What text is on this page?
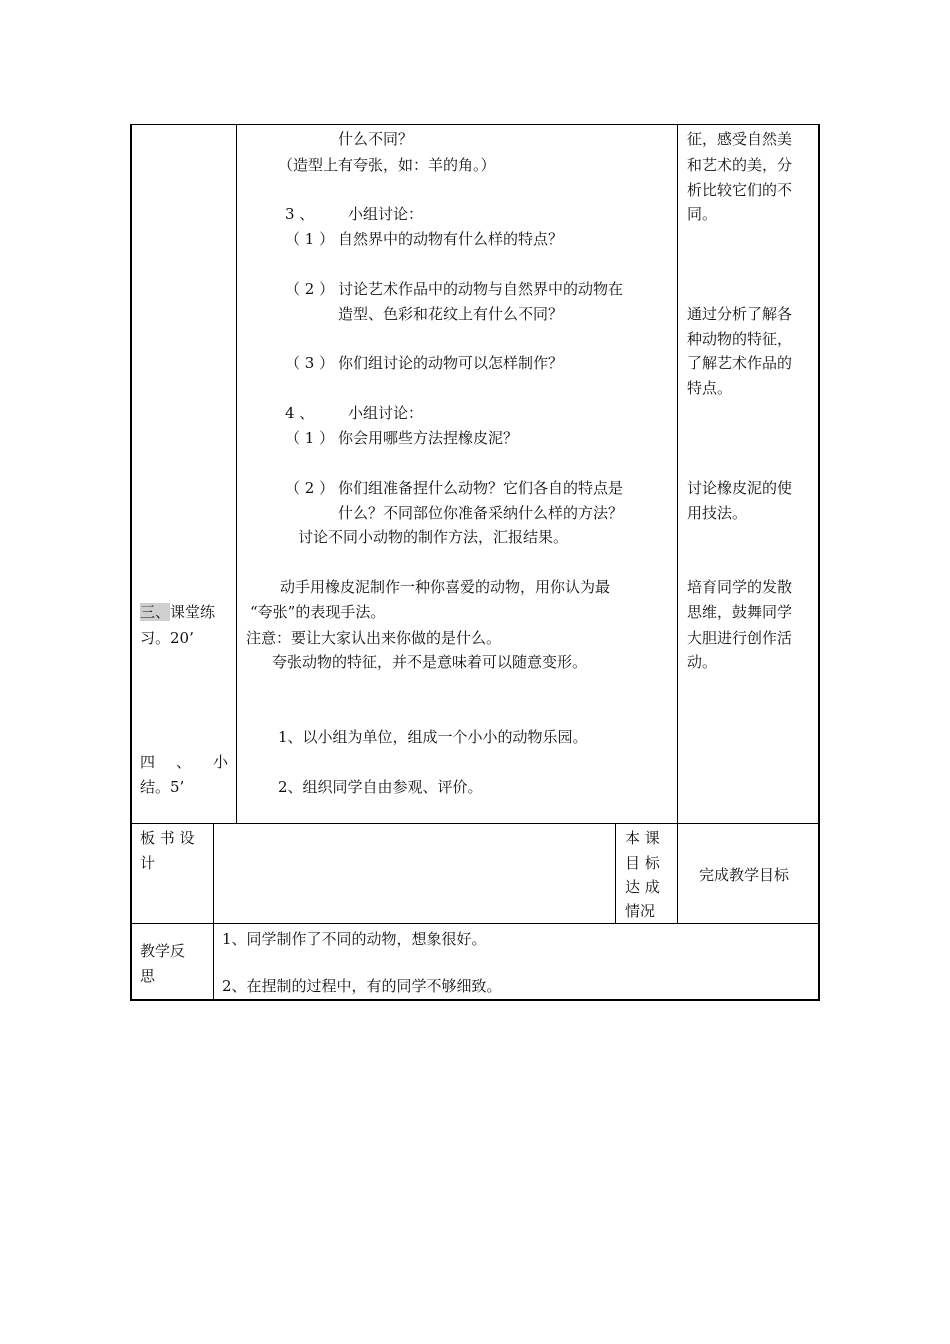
三、课堂练
习。20’
四 、 小
结。5’
什么不同？
（造型上有夸张，如：羊的角。）
3 、 小组讨论：
（ 1 ） 自然界中的动物有什么样的特点？
（ 2 ） 讨论艺术作品中的动物与自然界中的动物在
造型、色彩和花纹上有什么不同？
（ 3 ） 你们组讨论的动物可以怎样制作？
4 、 小组讨论：
（ 1 ） 你会用哪些方法捏橡皮泥？
（ 2 ） 你们组准备捏什么动物？它们各自的特点是
什么？不同部位你准备采纳什么样的方法？
讨论不同小动物的制作方法，汇报结果。
动手用橡皮泥制作一种你喜爱的动物，用你认为最
“夸张”的表现手法。
注意：要让大家认出来你做的是什么。
夸张动物的特征，并不是意味着可以随意变形。
1、以小组为单位，组成一个小小的动物乐园。
2、组织同学自由参观、评价。
征，感受自然美
和艺术的美，分
析比较它们的不
同。
通过分析了解各
种动物的特征，
了解艺术作品的
特点。
讨论橡皮泥的使
用技法。
培育同学的发散
思维，鼓舞同学
大胆进行创作活
动。
板 书 设
计
本 课
目 标
达 成
情况
完成教学目标
教学反
思
1、同学制作了不同的动物，想象很好。
2、在捏制的过程中，有的同学不够细致。
